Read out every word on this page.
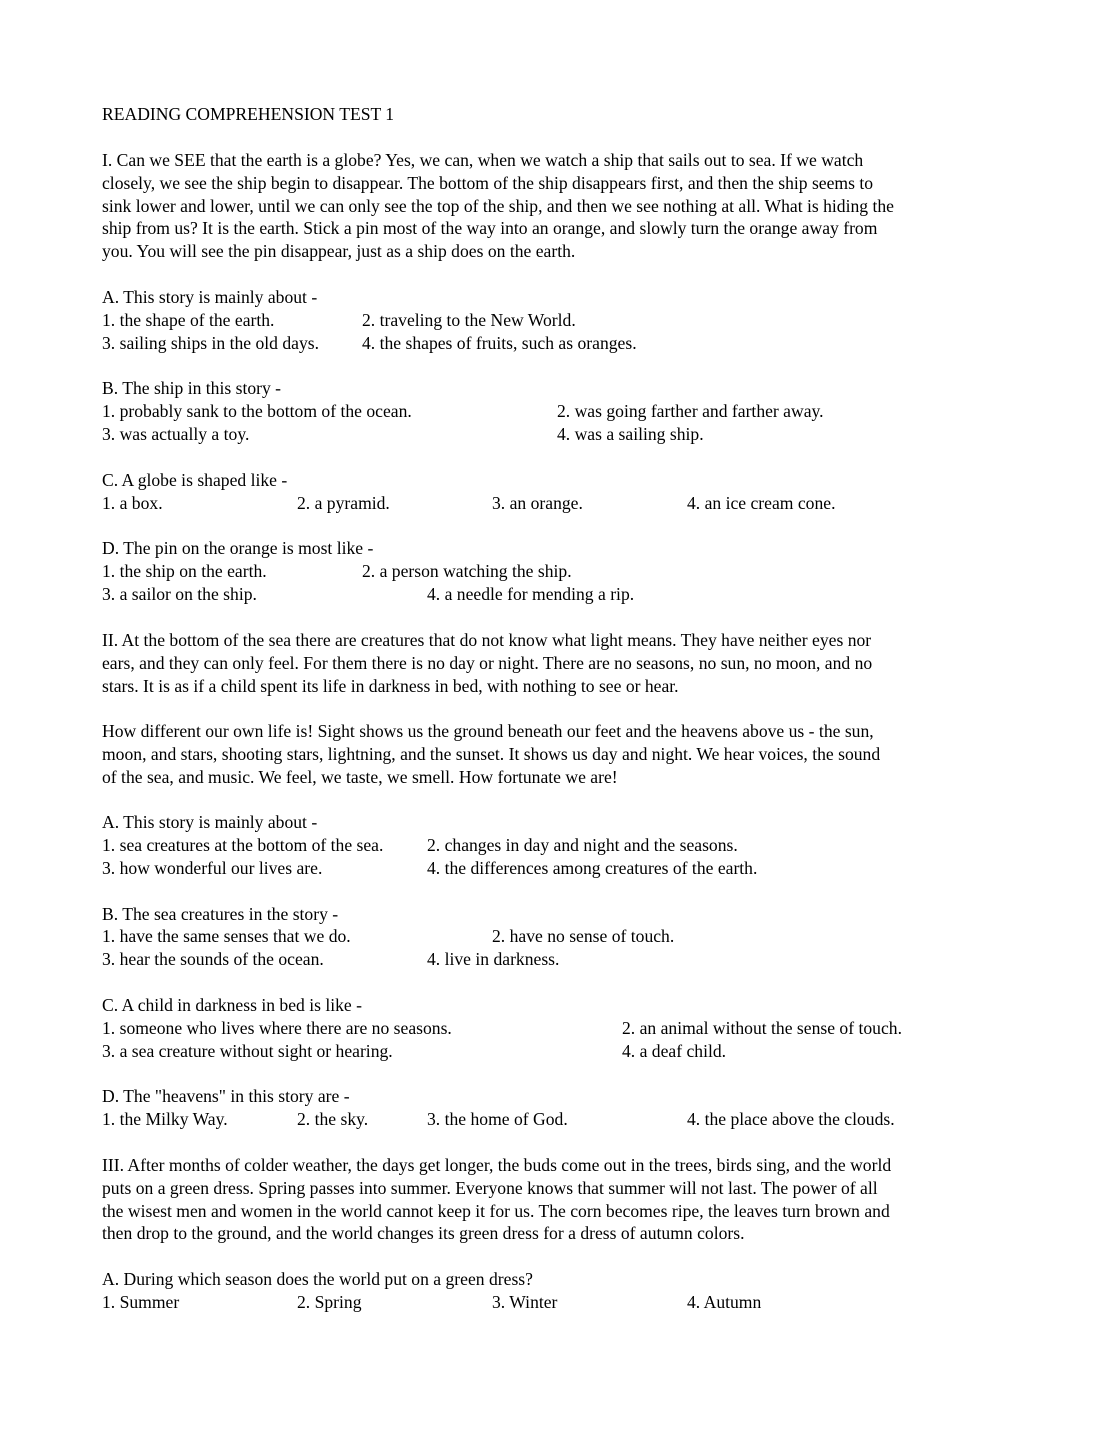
READING COMPREHENSION TEST 1
I. Can we SEE that the earth is a globe? Yes, we can, when we watch a ship that sails out to sea. If we watch
closely, we see the ship begin to disappear. The bottom of the ship disappears first, and then the ship seems to
sink lower and lower, until we can only see the top of the ship, and then we see nothing at all. What is hiding the
ship from us? It is the earth. Stick a pin most of the way into an orange, and slowly turn the orange away from
you. You will see the pin disappear, just as a ship does on the earth.
A. This story is mainly about -
1. the shape of the earth.	2. traveling to the New World.
3. sailing ships in the old days. 4. the shapes of fruits, such as oranges.
B. The ship in this story -
1. probably sank to the bottom of the ocean.	2. was going farther and farther away.
3. was actually a toy.	4. was a sailing ship.
C. A globe is shaped like -
1. a box.	2. a pyramid.	3. an orange.	4. an ice cream cone.
D. The pin on the orange is most like -
1. the ship on the earth.	2. a person watching the ship.
3. a sailor on the ship.	4. a needle for mending a rip.
II. At the bottom of the sea there are creatures that do not know what light means. They have neither eyes nor
ears, and they can only feel. For them there is no day or night. There are no seasons, no sun, no moon, and no
stars. It is as if a child spent its life in darkness in bed, with nothing to see or hear.
How different our own life is! Sight shows us the ground beneath our feet and the heavens above us - the sun,
moon, and stars, shooting stars, lightning, and the sunset. It shows us day and night. We hear voices, the sound
of the sea, and music. We feel, we taste, we smell. How fortunate we are!
A. This story is mainly about -
1. sea creatures at the bottom of the sea. 2. changes in day and night and the seasons.
3. how wonderful our lives are.	4. the differences among creatures of the earth.
B. The sea creatures in the story -
1. have the same senses that we do.	2. have no sense of touch.
3. hear the sounds of the ocean.	4. live in darkness.
C. A child in darkness in bed is like -
1. someone who lives where there are no seasons.	2. an animal without the sense of touch.
3. a sea creature without sight or hearing.	4. a deaf child.
D. The "heavens" in this story are -
1. the Milky Way.	2. the sky.	3. the home of God.	4. the place above the clouds.
III. After months of colder weather, the days get longer, the buds come out in the trees, birds sing, and the world
puts on a green dress. Spring passes into summer. Everyone knows that summer will not last. The power of all
the wisest men and women in the world cannot keep it for us. The corn becomes ripe, the leaves turn brown and
then drop to the ground, and the world changes its green dress for a dress of autumn colors.
A. During which season does the world put on a green dress?
1. Summer	2. Spring	3. Winter	4. Autumn
